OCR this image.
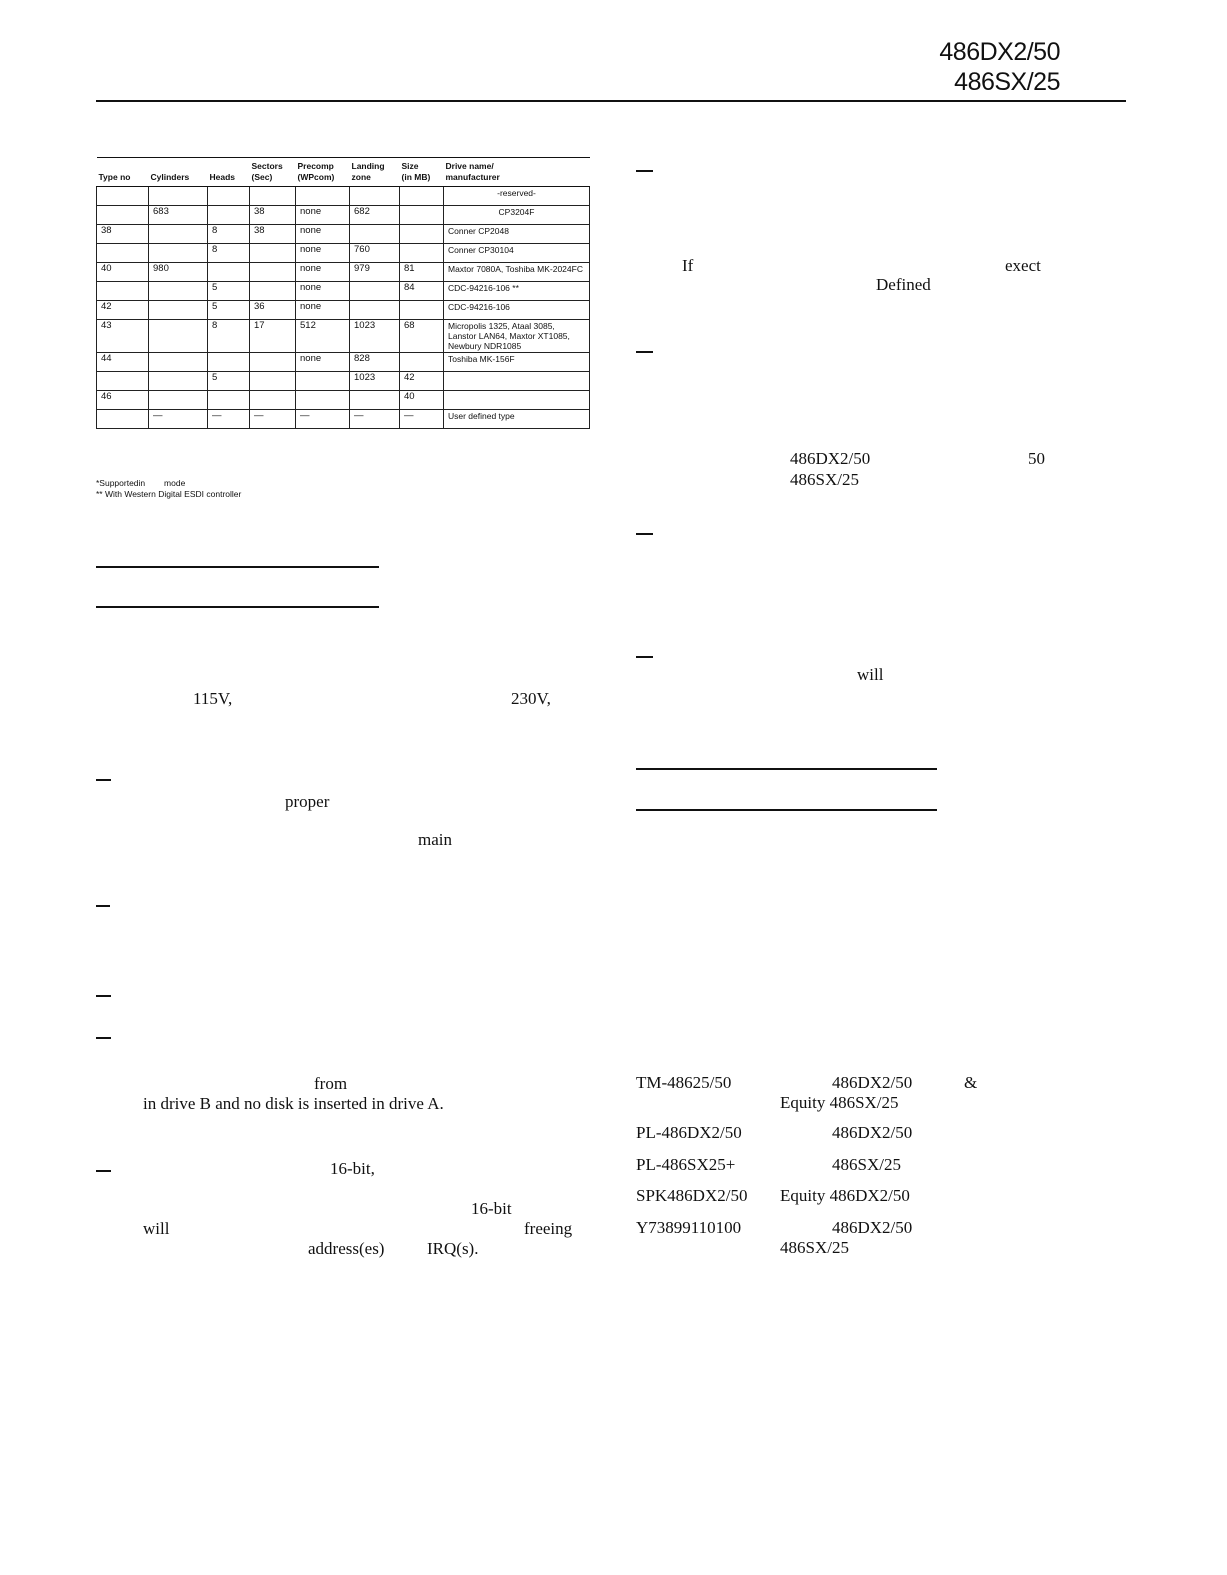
486DX2/50
486SX/25
			Sectors	Precomp	Landing	Size	Drive name/
Type no	Cylinders	Heads	(Sec)	(WPcom)	zone	(in MB)	manufacturer
							-reserved-
	683		38	none	682		CP3204F
38		8	38	none			Conner CP2048
		8		none	760		Conner CP30104
40	980			none	979	81	Maxtor 7080A, Toshiba MK-2024FC
		5		none		84	CDC-94216-106 **
42		5	36	none			CDC-94216-106
43		8	17	512	1023	68	Micropolis 1325, Ataal 3085, Lanstor LAN64, Maxtor XT1085, Newbury NDR1085
44				none	828		Toshiba MK-156F
		5			1023	42	
46						40	
	—	—	—	—	—	—	User defined type
*Supportedin        mode
** With Western Digital ESDI controller
115V,	230V,
proper
main
from
in drive B and no disk is inserted in drive A.
16-bit,
16-bit
will	freeing
address(es)	IRQ(s).
If	exect
Defined
486DX2/50	50
486SX/25
will
TM-48625/50	486DX2/50	&
Equity 486SX/25
PL-486DX2/50	486DX2/50
PL-486SX25+	486SX/25
SPK486DX2/50 Equity 486DX2/50
Y73899110100	486DX2/50
486SX/25
